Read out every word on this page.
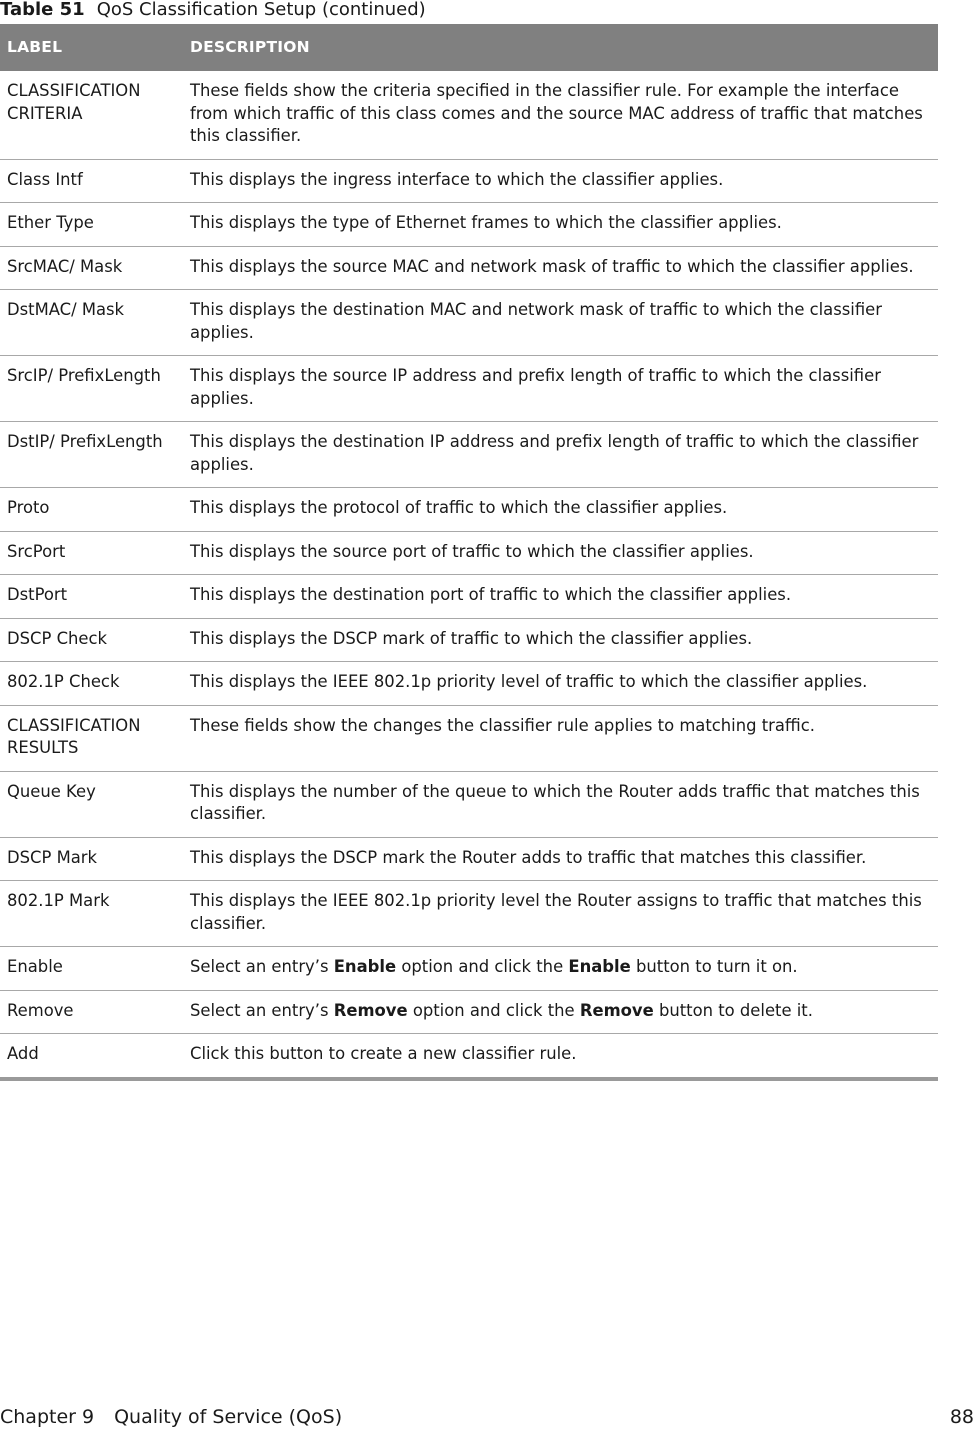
Table 51 QoS Classification Setup (continued)
LABEL	DESCRIPTION
CLASSIFICATION CRITERIA	These fields show the criteria specified in the classifier rule. For example the interface from which traffic of this class comes and the source MAC address of traffic that matches this classifier.
Class Intf	This displays the ingress interface to which the classifier applies.
Ether Type	This displays the type of Ethernet frames to which the classifier applies.
SrcMAC/ Mask	This displays the source MAC and network mask of traffic to which the classifier applies.
DstMAC/ Mask	This displays the destination MAC and network mask of traffic to which the classifier applies.
SrcIP/ PrefixLength	This displays the source IP address and prefix length of traffic to which the classifier applies.
DstIP/ PrefixLength	This displays the destination IP address and prefix length of traffic to which the classifier applies.
Proto	This displays the protocol of traffic to which the classifier applies.
SrcPort	This displays the source port of traffic to which the classifier applies.
DstPort	This displays the destination port of traffic to which the classifier applies.
DSCP Check	This displays the DSCP mark of traffic to which the classifier applies.
802.1P Check	This displays the IEEE 802.1p priority level of traffic to which the classifier applies.
CLASSIFICATION RESULTS	These fields show the changes the classifier rule applies to matching traffic.
Queue Key	This displays the number of the queue to which the Router adds traffic that matches this classifier.
DSCP Mark	This displays the DSCP mark the Router adds to traffic that matches this classifier.
802.1P Mark	This displays the IEEE 802.1p priority level the Router assigns to traffic that matches this classifier.
Enable	Select an entry’s Enable option and click the Enable button to turn it on.
Remove	Select an entry’s Remove option and click the Remove button to delete it.
Add	Click this button to create a new classifier rule.
Chapter 9 Quality of Service (QoS)	88
